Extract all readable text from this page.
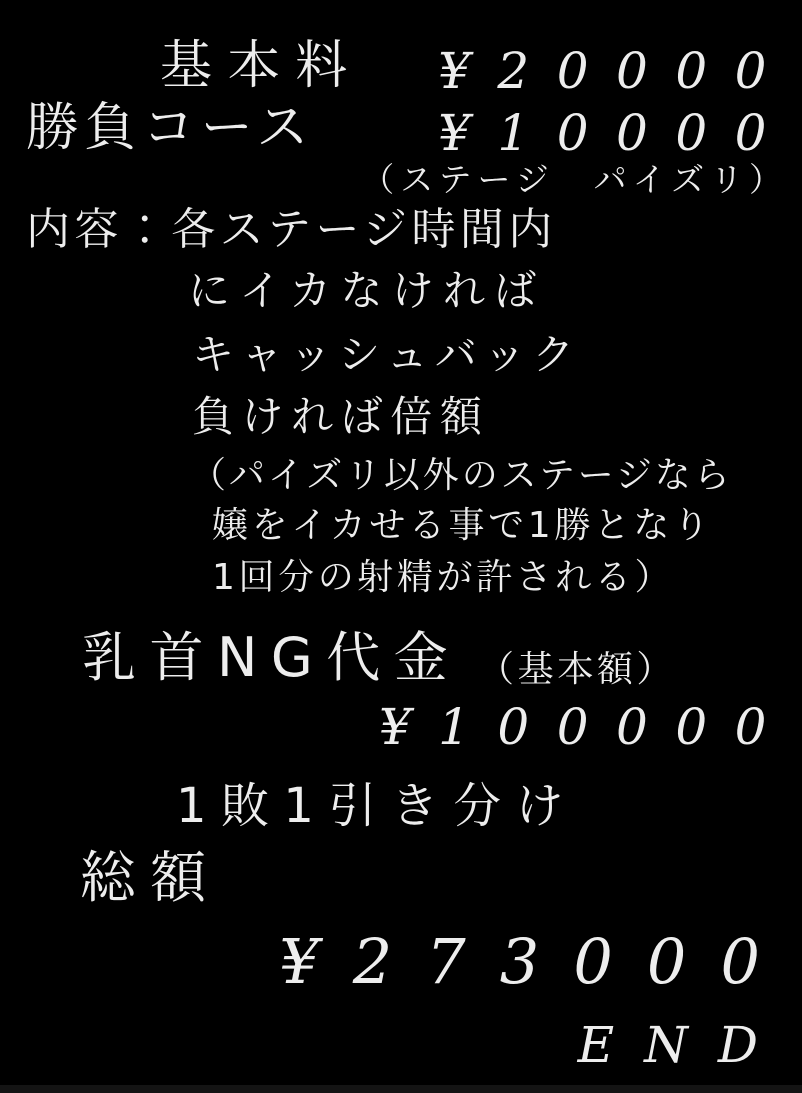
基本料 ¥20000
勝負コース ¥10000
（ステージ　パイズリ）
内容：各ステージ時間内
にイカなければ
キャッシュバック
負ければ倍額
（パイズリ以外のステージなら
嬢をイカせる事で1勝となり
1回分の射精が許される）
乳首NG代金 （基本額）
¥100000
1敗1引き分け
総額
¥273000
END
